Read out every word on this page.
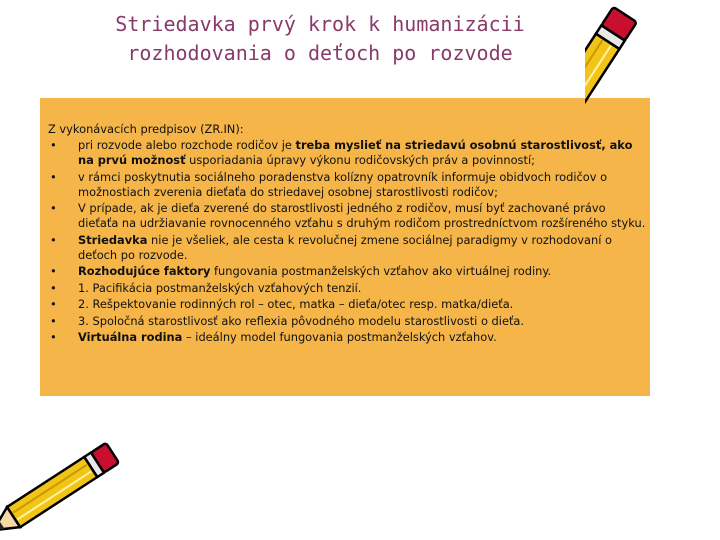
Striedavka prvý krok k humanizácii
rozhodovania o deťoch po rozvode
Z vykonávacích predpisov (ZR.IN):
• pri rozvode alebo rozchode rodičov je treba myslieť na striedavú osobnú starostlivosť, ako na prvú možnosť usporiadania úpravy výkonu rodičovských práv a povinností;
• v rámci poskytnutia sociálneho poradenstva kolízny opatrovník informuje obidvoch rodičov o možnostiach zverenia dieťaťa do striedavej osobnej starostlivosti rodičov;
• V prípade, ak je dieťa zverené do starostlivosti jedného z rodičov, musí byť zachované právo dieťaťa na udržiavanie rovnocenného vzťahu s druhým rodičom prostredníctvom rozšíreného styku.
• Striedavka nie je všeliek, ale cesta k revolučnej zmene sociálnej paradigmy v rozhodovaní o deťoch po rozvode.
• Rozhodujúce faktory fungovania postmanželských vzťahov ako virtuálnej rodiny.
• 1. Pacifikácia postmanželských vzťahových tenzií.
• 2. Rešpektovanie rodinných rol – otec, matka – dieťa/otec resp. matka/dieťa.
• 3. Spoločná starostlivosť ako reflexia pôvodného modelu starostlivosti o dieťa.
• Virtuálna rodina – ideálny model fungovania postmanželských vzťahov.
